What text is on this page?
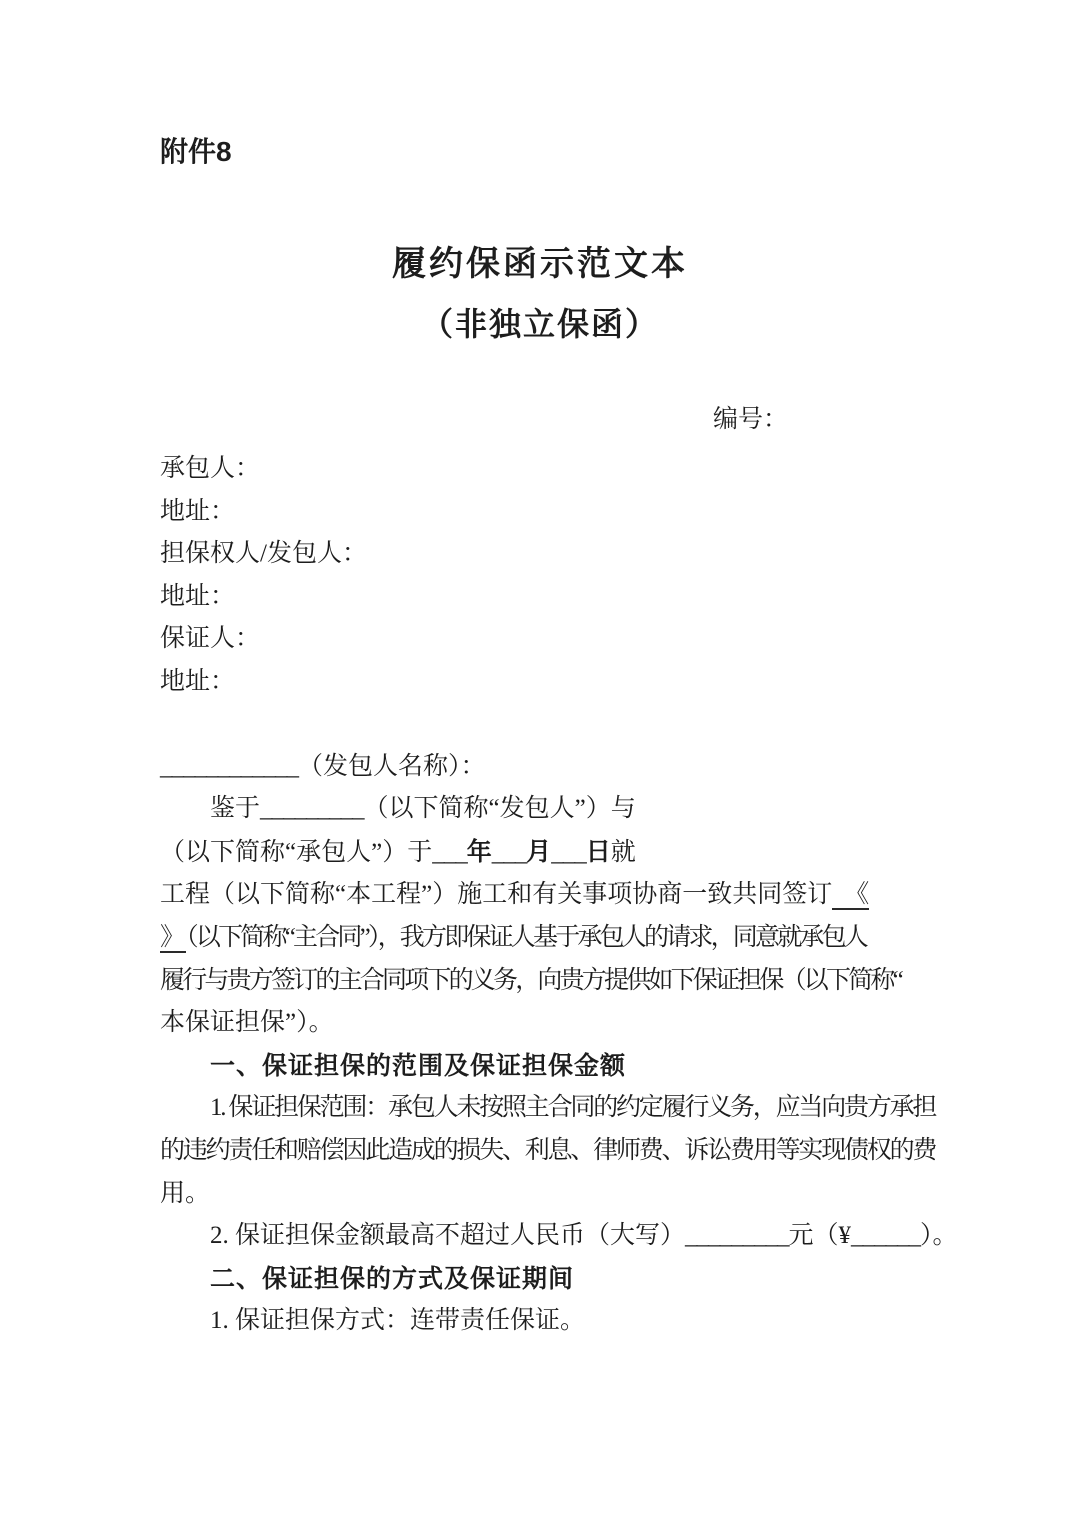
附件8
履约保函示范文本
（非独立保函）

编号：

承包人：

地址：

担保权人/发包人：

地址：

保证人：

地址：

____________（发包人名称）：

鉴于_________（以下简称“发包人”）与

（以下简称“承包人”）于___年___月___日就

工程（以下简称“本工程”）施工和有关事项协商一致共同签订 《

》 （以下简称“主合同”），我方即保证人基于承包人的请求，同意就承包人

履行与贵方签订的主合同项下的义务，向贵方提供如下保证担保（以下简称“

本保证担保”）。

一、保证担保的范围及保证担保金额

1. 保证担保范围：承包人未按照主合同的约定履行义务，应当向贵方承担

的违约责任和赔偿因此造成的损失、利息、律师费、诉讼费用等实现债权的费

用。

2. 保证担保金额最高不超过人民币（大写）_________元（¥______）。

二、保证担保的方式及保证期间

1. 保证担保方式：连带责任保证。
